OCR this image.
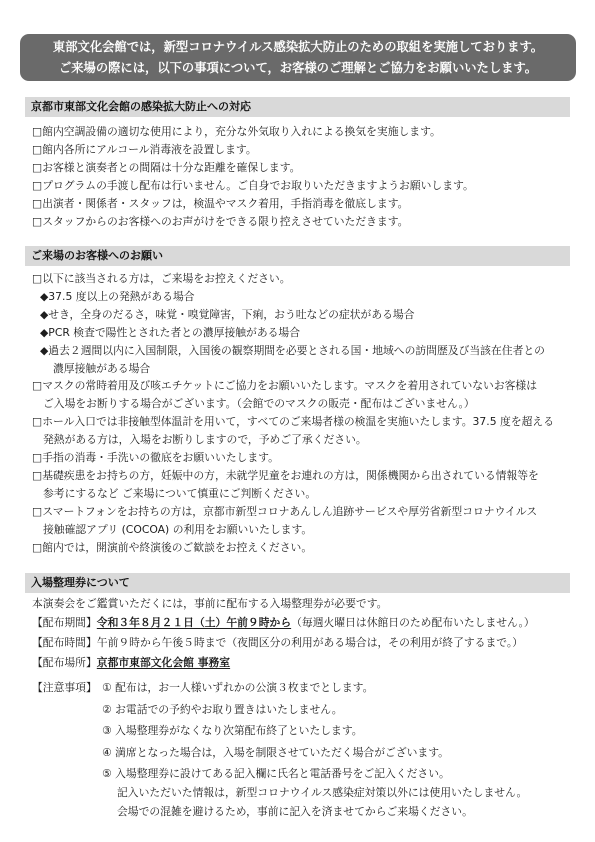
東部文化会館では，新型コロナウイルス感染拡大防止のための取組を実施しております。
ご来場の際には，以下の事項について，お客様のご理解とご協力をお願いいたします。
京都市東部文化会館の感染拡大防止への対応
□館内空調設備の適切な使用により，充分な外気取り入れによる換気を実施します。
□館内各所にアルコール消毒液を設置します。
□お客様と演奏者との間隔は十分な距離を確保します。
□プログラムの手渡し配布は行いません。ご自身でお取りいただきますようお願いします。
□出演者・関係者・スタッフは，検温やマスク着用，手指消毒を徹底します。
□スタッフからのお客様へのお声がけをできる限り控えさせていただきます。
ご来場のお客様へのお願い
□以下に該当される方は，ご来場をお控えください。
◆37.5 度以上の発熱がある場合
◆せき，全身のだるさ，味覚・嗅覚障害，下痢，おう吐などの症状がある場合
◆PCR 検査で陽性とされた者との濃厚接触がある場合
◆過去２週間以内に入国制限，入国後の観察期間を必要とされる国・地域への訪問歴及び当該在住者との
濃厚接触がある場合
□マスクの常時着用及び咳エチケットにご協力をお願いいたします。マスクを着用されていないお客様は
ご入場をお断りする場合がございます。（会館でのマスクの販売・配布はございません。）
□ホール入口では非接触型体温計を用いて，すべてのご来場者様の検温を実施いたします。37.5 度を超える
発熱がある方は，入場をお断りしますので，予めご了承ください。
□手指の消毒・手洗いの徹底をお願いいたします。
□基礎疾患をお持ちの方，妊娠中の方，未就学児童をお連れの方は，関係機関から出されている情報等を
参考にするなど ご来場について慎重にご判断ください。
□スマートフォンをお持ちの方は，京都市新型コロナあんしん追跡サービスや厚労省新型コロナウイルス
接触確認アプリ (COCOA) の利用をお願いいたします。
□館内では，開演前や終演後のご歓談をお控えください。
入場整理券について
本演奏会をご鑑賞いただくには，事前に配布する入場整理券が必要です。
【配布期間】令和３年８月２１日（土）午前９時から（毎週火曜日は休館日のため配布いたしません。）
【配布時間】午前９時から午後５時まで（夜間区分の利用がある場合は，その利用が終了するまで。）
【配布場所】京都市東部文化会館 事務室
【注意事項】 ① 配布は，お一人様いずれかの公演３枚までとします。
② お電話での予約やお取り置きはいたしません。
③ 入場整理券がなくなり次第配布終了といたします。
④ 満席となった場合は，入場を制限させていただく場合がございます。
⑤ 入場整理券に設けてある記入欄に氏名と電話番号をご記入ください。
記入いただいた情報は，新型コロナウイルス感染症対策以外には使用いたしません。
会場での混雑を避けるため，事前に記入を済ませてからご来場ください。
